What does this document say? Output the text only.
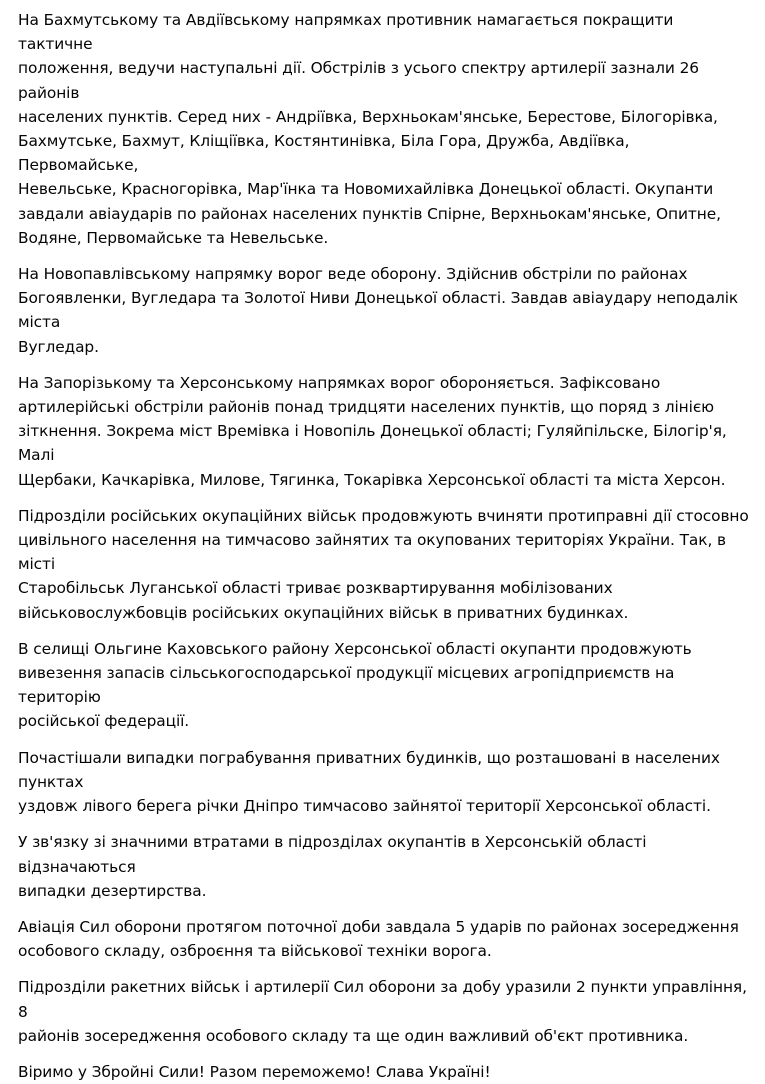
На Бахмутському та Авдіївському напрямках противник намагається покращити тактичне
положення, ведучи наступальні дії. Обстрілів з усього спектру артилерії зазнали 26 районів
населених пунктів. Серед них - Андріївка, Верхньокам'янське, Берестове, Білогорівка,
Бахмутське, Бахмут, Кліщіївка, Костянтинівка, Біла Гора, Дружба, Авдіївка, Первомайське,
Невельське, Красногорівка, Мар'їнка та Новомихайлівка Донецької області. Окупанти
завдали авіаударів по районах населених пунктів Спірне, Верхньокам'янське, Опитне,
Водяне, Первомайське та Невельське.

На Новопавлівському напрямку ворог веде оборону. Здійснив обстріли по районах
Богоявленки, Вугледара та Золотої Ниви Донецької області. Завдав авіаудару неподалік міста
Вугледар.

На Запорізькому та Херсонському напрямках ворог обороняється. Зафіксовано
артилерійські обстріли районів понад тридцяти населених пунктів, що поряд з лінією
зіткнення. Зокрема міст Времівка і Новопіль Донецької області; Гуляйпільске, Білогір'я, Малі
Щербаки, Качкарівка, Милове, Тягинка, Токарівка Херсонської області та міста Херсон.

Підрозділи російських окупаційних військ продовжують вчиняти протиправні дії стосовно
цивільного населення на тимчасово зайнятих та окупованих територіях України. Так, в місті
Старобільськ Луганської області триває розквартирування мобілізованих
військовослужбовців російських окупаційних військ в приватних будинках.

В селищі Ольгине Каховського району Херсонської області окупанти продовжують
вивезення запасів сільськогосподарської продукції місцевих агропідприємств на територію
російської федерації.

Почастішали випадки пограбування приватних будинків, що розташовані в населених пунктах
уздовж лівого берега річки Дніпро тимчасово зайнятої території Херсонської області.

У зв'язку зі значними втратами в підрозділах окупантів в Херсонській області відзначаються
випадки дезертирства.

Авіація Сил оборони протягом поточної доби завдала 5 ударів по районах зосередження
особового складу, озброєння та військової техніки ворога.

Підрозділи ракетних військ і артилерії Сил оборони за добу уразили 2 пункти управління, 8
районів зосередження особового складу та ще один важливий об'єкт противника.

Віримо у Збройні Сили! Разом переможемо! Слава Україні!
